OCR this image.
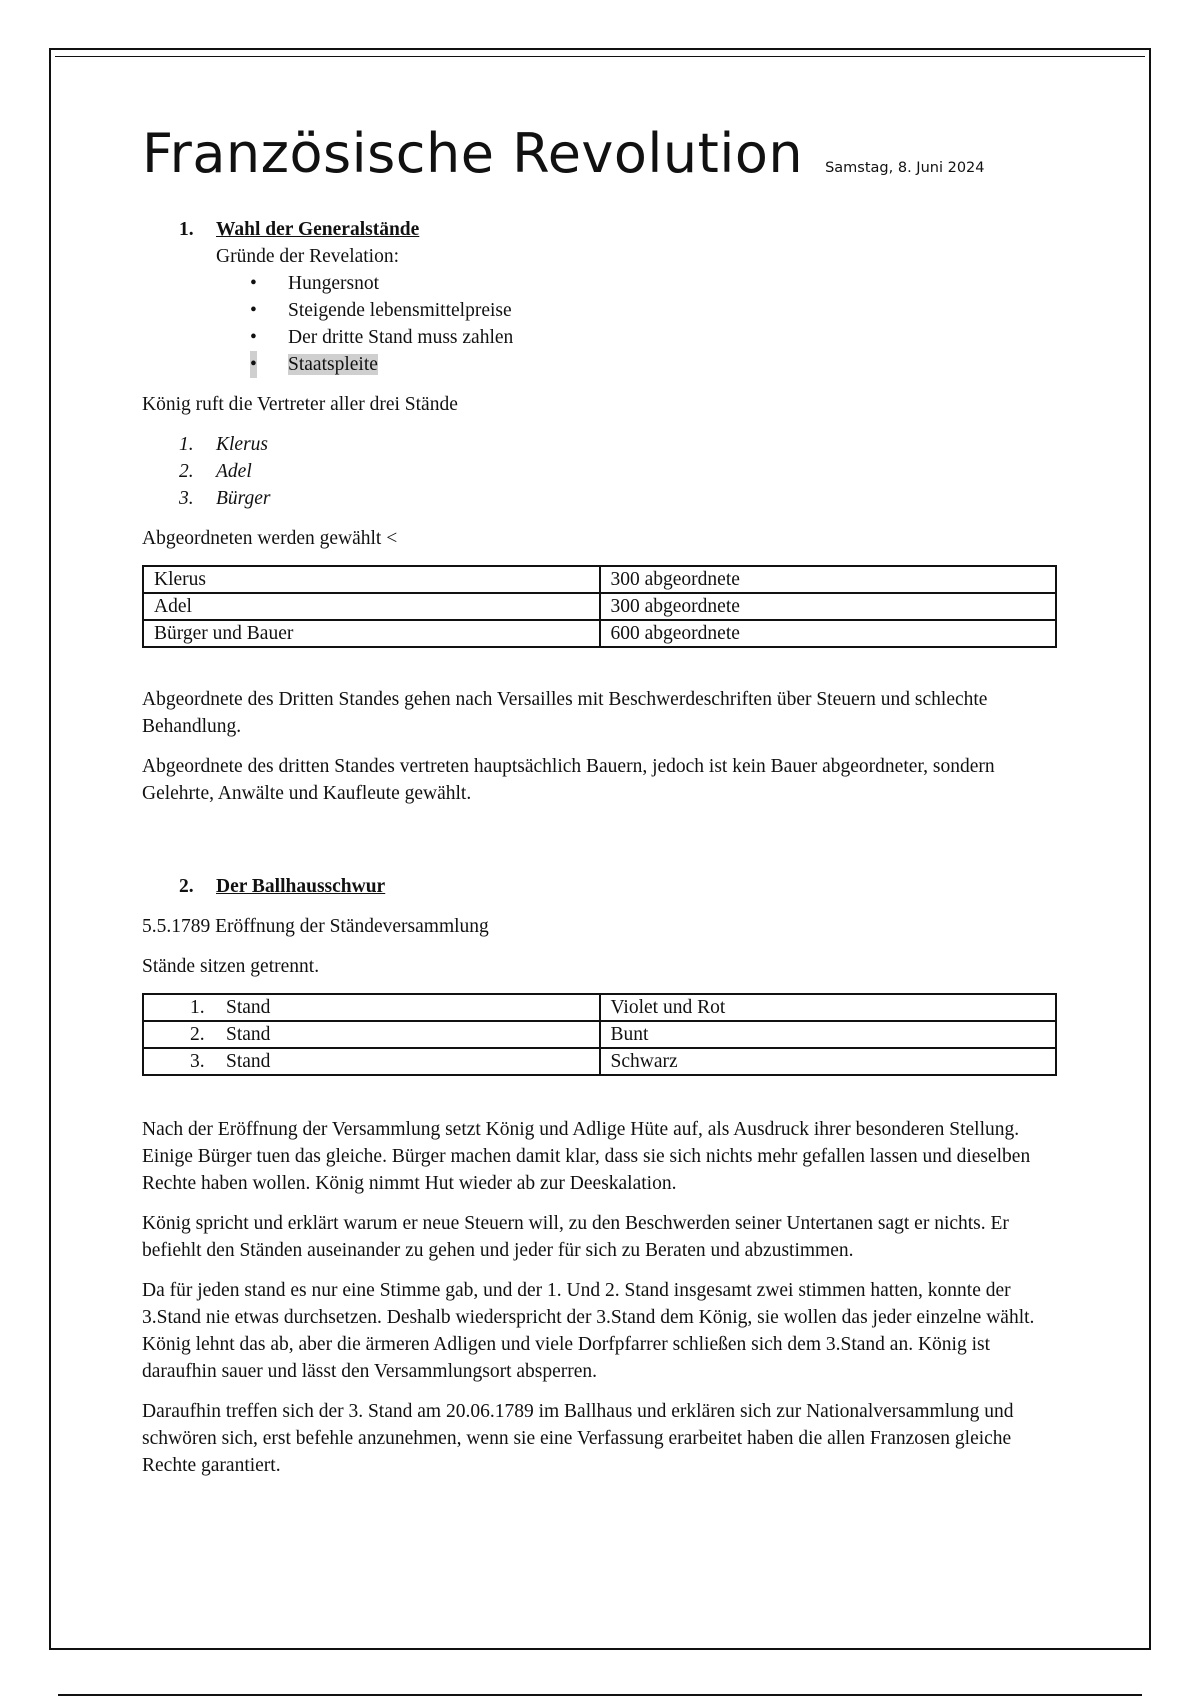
Französische Revolution Samstag, 8. Juni 2024
1.	Wahl der Generalstände
Gründe der Revelation:
• Hungersnot
• Steigende lebensmittelpreise
• Der dritte Stand muss zahlen
• Staatspleite

König ruft die Vertreter aller drei Stände

1.	Klerus
2.	Adel
3.	Bürger

Abgeordneten werden gewählt <

Klerus	300 abgeordnete
Adel	300 abgeordnete
Bürger und Bauer	600 abgeordnete

Abgeordnete des Dritten Standes gehen nach Versailles mit Beschwerdeschriften über Steuern und schlechte Behandlung.

Abgeordnete des dritten Standes vertreten hauptsächlich Bauern, jedoch ist kein Bauer abgeordneter, sondern Gelehrte, Anwälte und Kaufleute gewählt.

2.	Der Ballhausschwur

5.5.1789 Eröffnung der Ständeversammlung

Stände sitzen getrennt.

1. Stand	Violet und Rot
2. Stand	Bunt
3. Stand	Schwarz

Nach der Eröffnung der Versammlung setzt König und Adlige Hüte auf, als Ausdruck ihrer besonderen Stellung. Einige Bürger tuen das gleiche. Bürger machen damit klar, dass sie sich nichts mehr gefallen lassen und dieselben Rechte haben wollen. König nimmt Hut wieder ab zur Deeskalation.

König spricht und erklärt warum er neue Steuern will, zu den Beschwerden seiner Untertanen sagt er nichts. Er befiehlt den Ständen auseinander zu gehen und jeder für sich zu Beraten und abzustimmen.

Da für jeden stand es nur eine Stimme gab, und der 1. Und 2. Stand insgesamt zwei stimmen hatten, konnte der 3.Stand nie etwas durchsetzen. Deshalb wiederspricht der 3.Stand dem König, sie wollen das jeder einzelne wählt. König lehnt das ab, aber die ärmeren Adligen und viele Dorfpfarrer schließen sich dem 3.Stand an. König ist daraufhin sauer und lässt den Versammlungsort absperren.

Daraufhin treffen sich der 3. Stand am 20.06.1789 im Ballhaus und erklären sich zur Nationalversammlung und schwören sich, erst befehle anzunehmen, wenn sie eine Verfassung erarbeitet haben die allen Franzosen gleiche Rechte garantiert.
